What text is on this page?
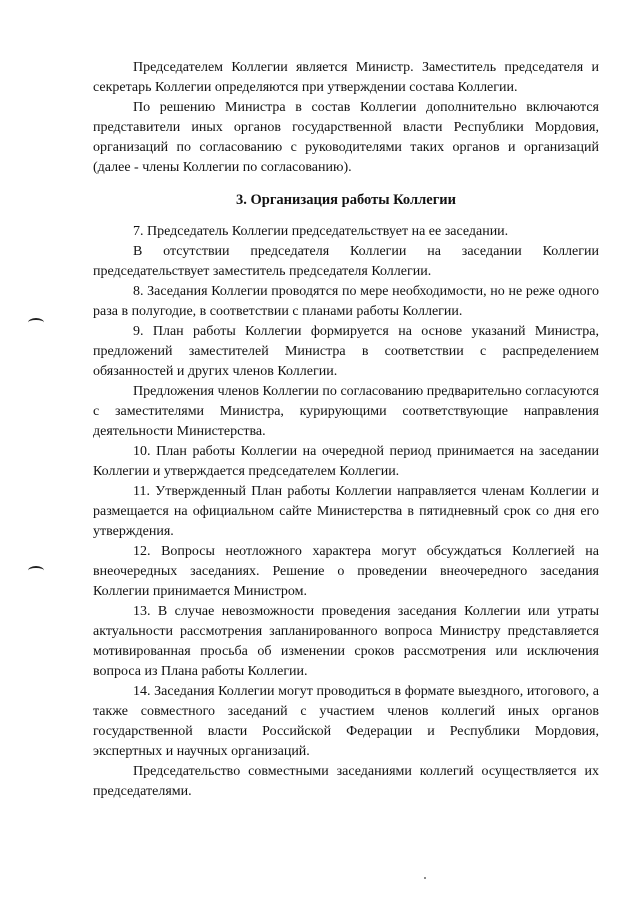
Председателем Коллегии является Министр. Заместитель председателя и секретарь Коллегии определяются при утверждении состава Коллегии.

По решению Министра в состав Коллегии дополнительно включаются представители иных органов государственной власти Республики Мордовия, организаций по согласованию с руководителями таких органов и организаций (далее - члены Коллегии по согласованию).

3. Организация работы Коллегии

7. Председатель Коллегии председательствует на ее заседании.

В отсутствии председателя Коллегии на заседании Коллегии председательствует заместитель председателя Коллегии.

8. Заседания Коллегии проводятся по мере необходимости, но не реже одного раза в полугодие, в соответствии с планами работы Коллегии.

9. План работы Коллегии формируется на основе указаний Министра, предложений заместителей Министра в соответствии с распределением обязанностей и других членов Коллегии.

Предложения членов Коллегии по согласованию предварительно согласуются с заместителями Министра, курирующими соответствующие направления деятельности Министерства.

10. План работы Коллегии на очередной период принимается на заседании Коллегии и утверждается председателем Коллегии.

11. Утвержденный План работы Коллегии направляется членам Коллегии и размещается на официальном сайте Министерства в пятидневный срок со дня его утверждения.

12. Вопросы неотложного характера могут обсуждаться Коллегией на внеочередных заседаниях. Решение о проведении внеочередного заседания Коллегии принимается Министром.

13. В случае невозможности проведения заседания Коллегии или утраты актуальности рассмотрения запланированного вопроса Министру представляется мотивированная просьба об изменении сроков рассмотрения или исключения вопроса из Плана работы Коллегии.

14. Заседания Коллегии могут проводиться в формате выездного, итогового, а также совместного заседаний с участием членов коллегий иных органов государственной власти Российской Федерации и Республики Мордовия, экспертных и научных организаций.

Председательство совместными заседаниями коллегий осуществляется их председателями.
